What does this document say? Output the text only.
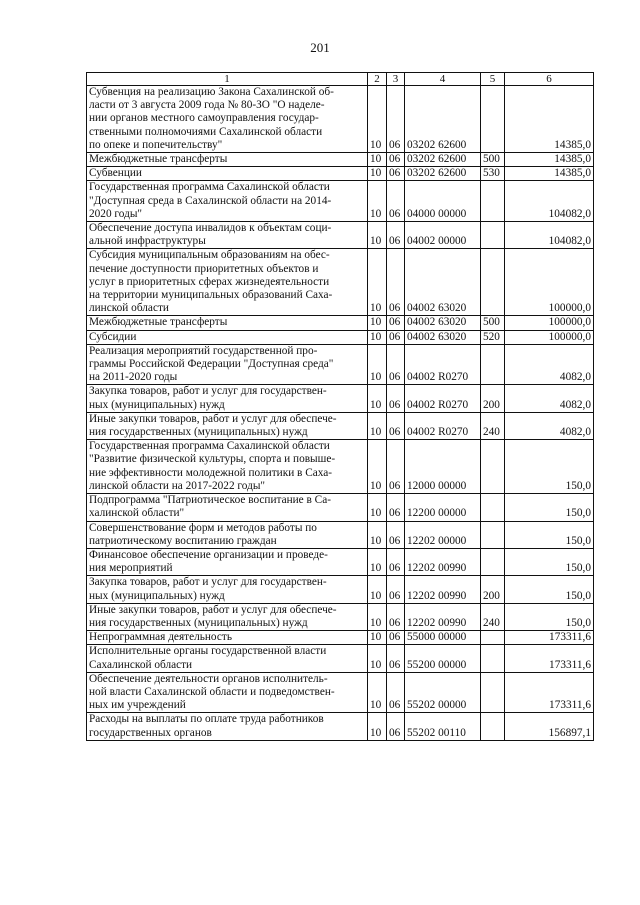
201
1	2	3	4	5	6
Субвенция на реализацию Закона Сахалинской об-
ласти от 3 августа 2009 года № 80-ЗО "О наделе-
нии органов местного самоуправления государ-
ственными полномочиями Сахалинской области
по опеке и попечительству"	10	06	03202 62600		14385,0
Межбюджетные трансферты	10	06	03202 62600	500	14385,0
Субвенции	10	06	03202 62600	530	14385,0
Государственная программа Сахалинской области
"Доступная среда в Сахалинской области на 2014-
2020 годы"	10	06	04000 00000		104082,0
Обеспечение доступа инвалидов к объектам соци-
альной инфраструктуры	10	06	04002 00000		104082,0
Субсидия муниципальным образованиям на обес-
печение доступности приоритетных объектов и
услуг в приоритетных сферах жизнедеятельности
на территории муниципальных образований Саха-
линской области	10	06	04002 63020		100000,0
Межбюджетные трансферты	10	06	04002 63020	500	100000,0
Субсидии	10	06	04002 63020	520	100000,0
Реализация мероприятий государственной про-
граммы Российской Федерации "Доступная среда"
на 2011-2020 годы	10	06	04002 R0270		4082,0
Закупка товаров, работ и услуг для государствен-
ных (муниципальных) нужд	10	06	04002 R0270	200	4082,0
Иные закупки товаров, работ и услуг для обеспече-
ния государственных (муниципальных) нужд	10	06	04002 R0270	240	4082,0
Государственная программа Сахалинской области
"Развитие физической культуры, спорта и повыше-
ние эффективности молодежной политики в Саха-
линской области на 2017-2022 годы"	10	06	12000 00000		150,0
Подпрограмма "Патриотическое воспитание в Са-
халинской области"	10	06	12200 00000		150,0
Совершенствование форм и методов работы по
патриотическому воспитанию граждан	10	06	12202 00000		150,0
Финансовое обеспечение организации и проведе-
ния мероприятий	10	06	12202 00990		150,0
Закупка товаров, работ и услуг для государствен-
ных (муниципальных) нужд	10	06	12202 00990	200	150,0
Иные закупки товаров, работ и услуг для обеспече-
ния государственных (муниципальных) нужд	10	06	12202 00990	240	150,0
Непрограммная деятельность	10	06	55000 00000		173311,6
Исполнительные органы государственной власти
Сахалинской области	10	06	55200 00000		173311,6
Обеспечение деятельности органов исполнитель-
ной власти Сахалинской области и подведомствен-
ных им учреждений	10	06	55202 00000		173311,6
Расходы на выплаты по оплате труда работников
государственных органов	10	06	55202 00110		156897,1
